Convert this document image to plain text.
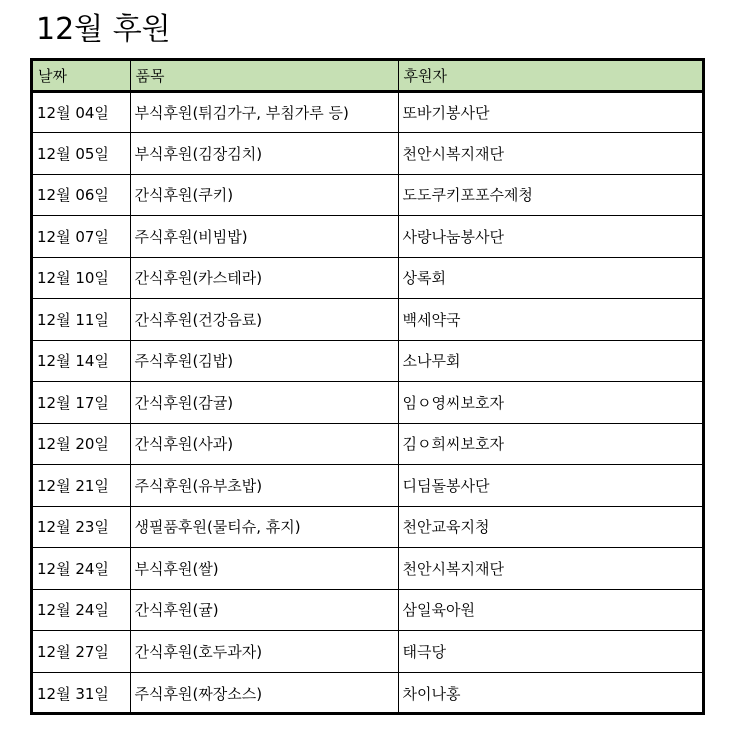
12월 후원
날짜	품목	후원자
12월 04일	부식후원(튀김가구, 부침가루 등)	또바기봉사단
12월 05일	부식후원(김장김치)	천안시복지재단
12월 06일	간식후원(쿠키)	도도쿠키포포수제청
12월 07일	주식후원(비빔밥)	사랑나눔봉사단
12월 10일	간식후원(카스테라)	상록회
12월 11일	간식후원(건강음료)	백세약국
12월 14일	주식후원(김밥)	소나무회
12월 17일	간식후원(감귤)	임ㅇ영씨보호자
12월 20일	간식후원(사과)	김ㅇ희씨보호자
12월 21일	주식후원(유부초밥)	디딤돌봉사단
12월 23일	생필품후원(물티슈, 휴지)	천안교육지청
12월 24일	부식후원(쌀)	천안시복지재단
12월 24일	간식후원(귤)	삼일육아원
12월 27일	간식후원(호두과자)	태극당
12월 31일	주식후원(짜장소스)	차이나홍
